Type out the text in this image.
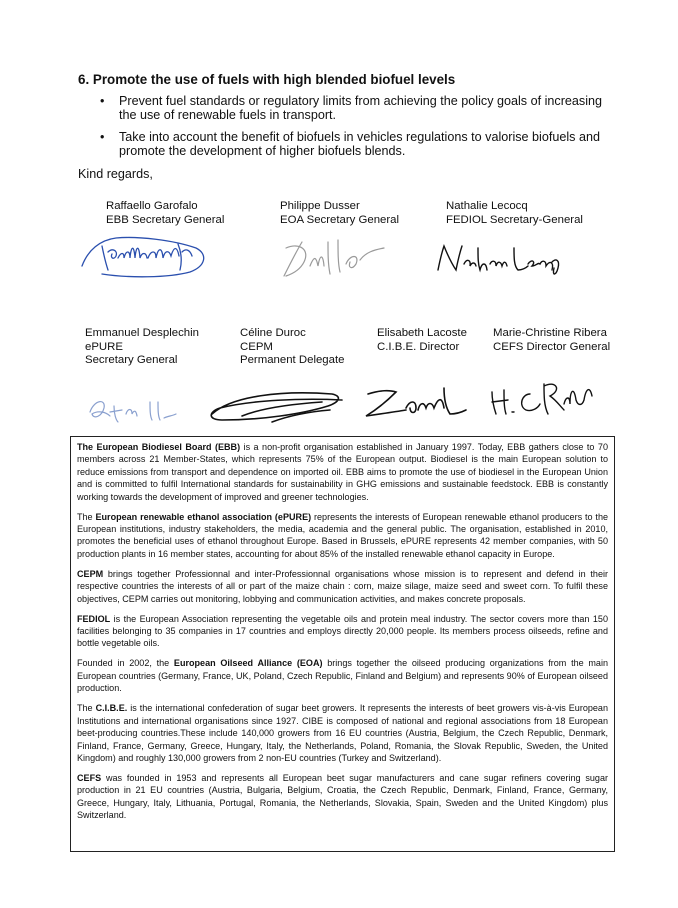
6. Promote the use of fuels with high blended biofuel levels
• Prevent fuel standards or regulatory limits from achieving the policy goals of increasing the use of renewable fuels in transport.
• Take into account the benefit of biofuels in vehicles regulations to valorise biofuels and promote the development of higher biofuels blends.
Kind regards,
Raffaello Garofalo
EBB Secretary General
Philippe Dusser
EOA Secretary General
Nathalie Lecocq
FEDIOL Secretary-General
Emmanuel Desplechin
ePURE
Secretary General
Céline Duroc
CEPM
Permanent Delegate
Elisabeth Lacoste
C.I.B.E. Director
Marie-Christine Ribera
CEFS Director General

The European Biodiesel Board (EBB) is a non-profit organisation established in January 1997. Today, EBB gathers close to 70 members across 21 Member-States, which represents 75% of the European output. Biodiesel is the main European solution to reduce emissions from transport and dependence on imported oil. EBB aims to promote the use of biodiesel in the European Union and is committed to fulfil International standards for sustainability in GHG emissions and sustainable feedstock. EBB is constantly working towards the development of improved and greener technologies.

The European renewable ethanol association (ePURE) represents the interests of European renewable ethanol producers to the European institutions, industry stakeholders, the media, academia and the general public. The organisation, established in 2010, promotes the beneficial uses of ethanol throughout Europe. Based in Brussels, ePURE represents 42 member companies, with 50 production plants in 16 member states, accounting for about 85% of the installed renewable ethanol capacity in Europe.

CEPM brings together Professionnal and inter-Professionnal organisations whose mission is to represent and defend in their respective countries the interests of all or part of the maize chain : corn, maize silage, maize seed and sweet corn. To fulfil these objectives, CEPM carries out monitoring, lobbying and communication activities, and makes concrete proposals.

FEDIOL is the European Association representing the vegetable oils and protein meal industry. The sector covers more than 150 facilities belonging to 35 companies in 17 countries and employs directly 20,000 people. Its members process oilseeds, refine and bottle vegetable oils.

Founded in 2002, the European Oilseed Alliance (EOA) brings together the oilseed producing organizations from the main European countries (Germany, France, UK, Poland, Czech Republic, Finland and Belgium) and represents 90% of European oilseed production.

The C.I.B.E. is the international confederation of sugar beet growers. It represents the interests of beet growers vis-à-vis European Institutions and international organisations since 1927. CIBE is composed of national and regional associations from 18 European beet-producing countries.These include 140,000 growers from 16 EU countries (Austria, Belgium, the Czech Republic, Denmark, Finland, France, Germany, Greece, Hungary, Italy, the Netherlands, Poland, Romania, the Slovak Republic, Sweden, the United Kingdom) and roughly 130,000 growers from 2 non-EU countries (Turkey and Switzerland).

CEFS was founded in 1953 and represents all European beet sugar manufacturers and cane sugar refiners covering sugar production in 21 EU countries (Austria, Bulgaria, Belgium, Croatia, the Czech Republic, Denmark, Finland, France, Germany, Greece, Hungary, Italy, Lithuania, Portugal, Romania, the Netherlands, Slovakia, Spain, Sweden and the United Kingdom) plus Switzerland.
